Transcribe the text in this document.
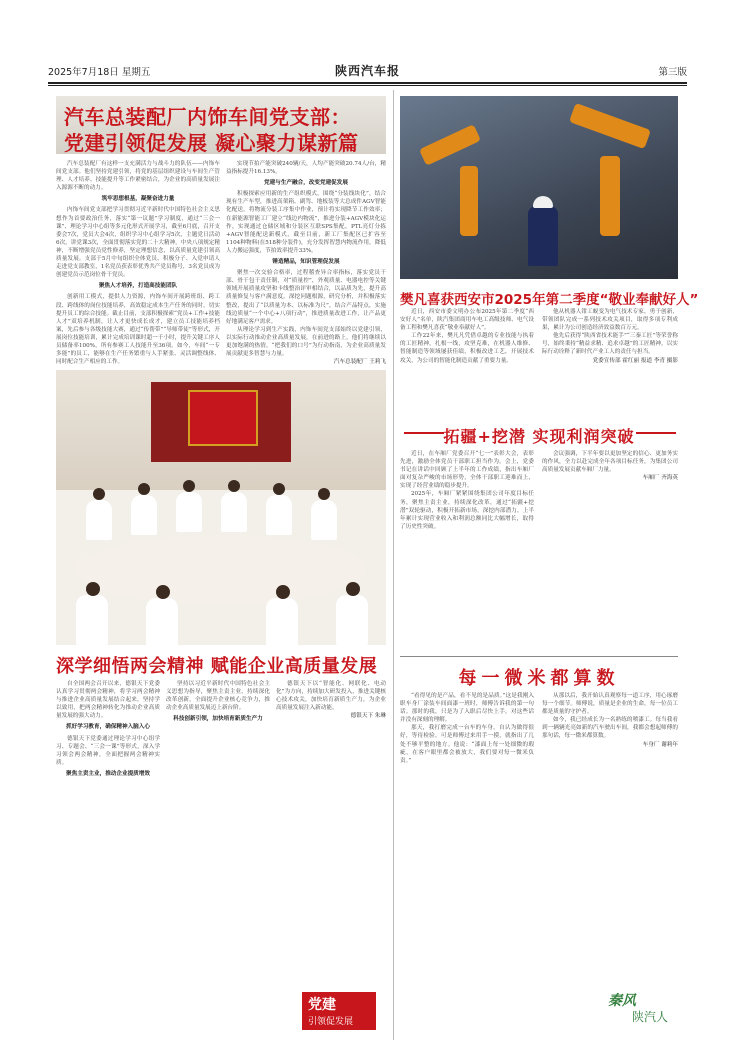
2025年7月18日 星期五	陕西汽车报	第三版
汽车总装配厂内饰车间党支部：
党建引领促发展 凝心聚力谋新篇

汽车总装配厂有这样一支充满活力与战斗力的队伍——内饰车间党支部。他们坚持党建引领，将党的基层组织建设与车间生产管理、人才培养、技能提升等工作紧密结合，为企业的高质量发展注入源源不断的动力。

筑牢思想根基，凝聚奋进力量

内饰车间党支部把学习贯彻习近平新时代中国特色社会主义思想作为首要政治任务，落实“第一议题”学习制度，通过“三会一课”、理论学习中心组等多元化形式开展学习，截至6月底，召开支委会7次，党员大会4次，组织学习中心组学习5次，主题党日活动6次，讲党课3次，全面贯彻落实党的二十大精神，中央八项规定精神，不断增强党员党性修养，坚定理想信念，以高质量党建引领高质量发展。支部于5月中旬组织全体党员、积极分子、入党申请人走进党支部教室，1名党员获表彰优秀共产党员称号，3名党员成为创建党员示范岗位骨干党员。

聚焦人才培养，打造高技能团队

创新用工模式，提供人力资源，内饰车间开展跨班组、跨工段、跨线体的岗位技能培养，高效稳定成本生产任务的同时，切实提升员工的综合技能。截止目前，支部积极探索“党员+工作+技能人才”双培养机制，让人才更快成长成才，建立员工技能培养档案，先后参与各级技能大赛，通过“传帮带”“导师带徒”等形式，开展岗位技能培训，累计完成培训课时超一千小时，提升关键工序人员储备率100%，所有参赛工人技能升至36项。如今，车间“一专多能”的员工，能够在生产任务繁重与人手紧张、灵活调整线体、同时配合生产相应的工作。

实现节拍产能突破240辆/天，人均产能突破20.74人/台，精益指标提升16.13%。

党建与生产融合，改变党建促发展

积极探索应用新的生产组织模式，围绕“分装线块化”，结合现有生产车型，推进高架箱、副驾、地板装等大总成件AGV智能化配送，将物流分装工序集中作业，预计将实现降节工作效率；在新能源智能工厂建立“线边内物流”，推进分装+AGV模块化运作，实现通过仓储区域和分装区互联SPS集配，PTL亮灯分拣+AGV智能配送新模式，截至目前，新工厂集配区已扩容至1104种物料(在518种分装件)，充分发挥智慧内物流作用，降低人力搬运强度，节拍效率提升33%。

锤造精品，知识管理促发展

聚焦一次交验合格率，过程稽查异合率指标，落实党员干部、骨干包干责任制，对“质量控”，外观质量、电器电控等关键领域开展质量攻坚和卡线整治评审相结合，以品质为先，提升高质量修复与客户满意度。深挖问题根源，研究分析，并积极落实整改，提出了“以质量为本、以标准为尺”，结合产品特点，实施线边质量“一个中心+八项行动”，推进质量改进工作，让产品更好地满足客户需求。

从理论学习到生产实践，内饰车间党支部始终以党建引领，以实际行动推动企业高质量发展，在前进的路上，他们将继续以更加饱满的热情，“把我们的口号”为行动指南，为企业高质量发展贡献更多智慧与力量。

汽车总装配厂 王莉飞

深学细悟两会精神 赋能企业高质量发展

自全国两会召开以来，德银天下党委认真学习贯彻两会精神，将学习两会精神与推进企业高质量发展结合起来，坚持学以致用，把两会精神转化为推动企业高质量发展的强大动力。

抓好学习教育，确保精神入脑入心

德银天下党委通过理论学习中心组学习、专题会、“三会一课”等形式，深入学习领会两会精神，全面把握两会精神实质。

聚焦主责主业，推动企业提质增效

坚持以习近平新时代中国特色社会主义思想为指导，聚焦主责主业，持续深化改革创新，全面提升企业核心竞争力，推动企业高质量发展迈上新台阶。

科技创新引领，加快培育新质生产力

德银天下以“智能化、网联化、电动化”为方向，持续加大研发投入，推进关键核心技术攻关，加快培育新质生产力，为企业高质量发展注入新动能。

德银天下 朱琳

党建
引领促发展
樊凡喜获西安市2025年第二季度“敬业奉献好人”

近日，西安市委文明办公布2025年第二季度“西安好人”名单，陕汽集团商用车电工高级技师、电气设备工程和樊凡喜获“敬业奉献好人”。

工作22年来，樊凡凡凭借卓越的专业技能与执着的工匠精神，扎根一线，攻坚克难，在机器人维修、智能制造等领域屡获佳绩，积极改进工艺，开展技术攻关，为公司的智能化制造贡献了重要力量。

他从机器人钳工蜕变为电气技术专家，勇于创新，带领团队完成一系列技术攻关项目，取得多项专利成果，累计为公司创造经济效益数百万元。

他先后获得“陕西省技术能手”“三秦工匠”等荣誉称号，始终秉持“精益求精、追求卓越”的工匠精神，以实际行动诠释了新时代产业工人的责任与担当。

党委宣传部 霍红丽 报道 李青 摄影

拓疆+挖潜 实现利润突破

近日，在车厢厂党委召开“七一”表彰大会，表彰先进，激励全体党员干部职工担当作为。会上，党委书记在讲话中回顾了上半年的工作成绩，指出车厢厂面对复杂严峻的市场形势，全体干部职工迎难而上，实现了经营业绩的稳步提升。

2025年，车厢厂紧紧围绕集团公司年度目标任务，聚焦主责主业，持续深化改革，通过“拓疆+挖潜”双轮驱动，积极开拓新市场，深挖内部潜力，上半年累计实现营业收入和利润总额同比大幅增长，取得了历史性突破。

会议强调，下半年要以更加坚定的信心、更加务实的作风，全力以赴完成全年各项目标任务，为集团公司高质量发展贡献车厢厂力量。

车厢厂 齐海英

每一微米都算数

“看得见的是产品，看不见的是品质。”这是我刚入职车身厂涂装车间面漆一班时，师傅告诉我的第一句话。那时的我，只是为了入职后尽快上手，对这些话并没有深刻的理解。

那天，我打磨完成一台车的车身，自认为做得很好，等待检验。可是师傅过来用手一摸，就指出了几处不够平整的地方。他说：“漆面上每一处细微的瑕疵，在客户眼里都会被放大，我们要对每一微米负责。”

从那以后，我开始认真观察每一道工序，用心琢磨每一个细节。师傅说，质量是企业的生命，每一位员工都是质量的守护者。

如今，我已经成长为一名熟练的喷漆工。每当我看到一辆辆光亮如新的汽车驶出车间，我都会想起师傅的那句话，每一微米都算数。

车身厂 谢莉年

秦风
陕汽人
